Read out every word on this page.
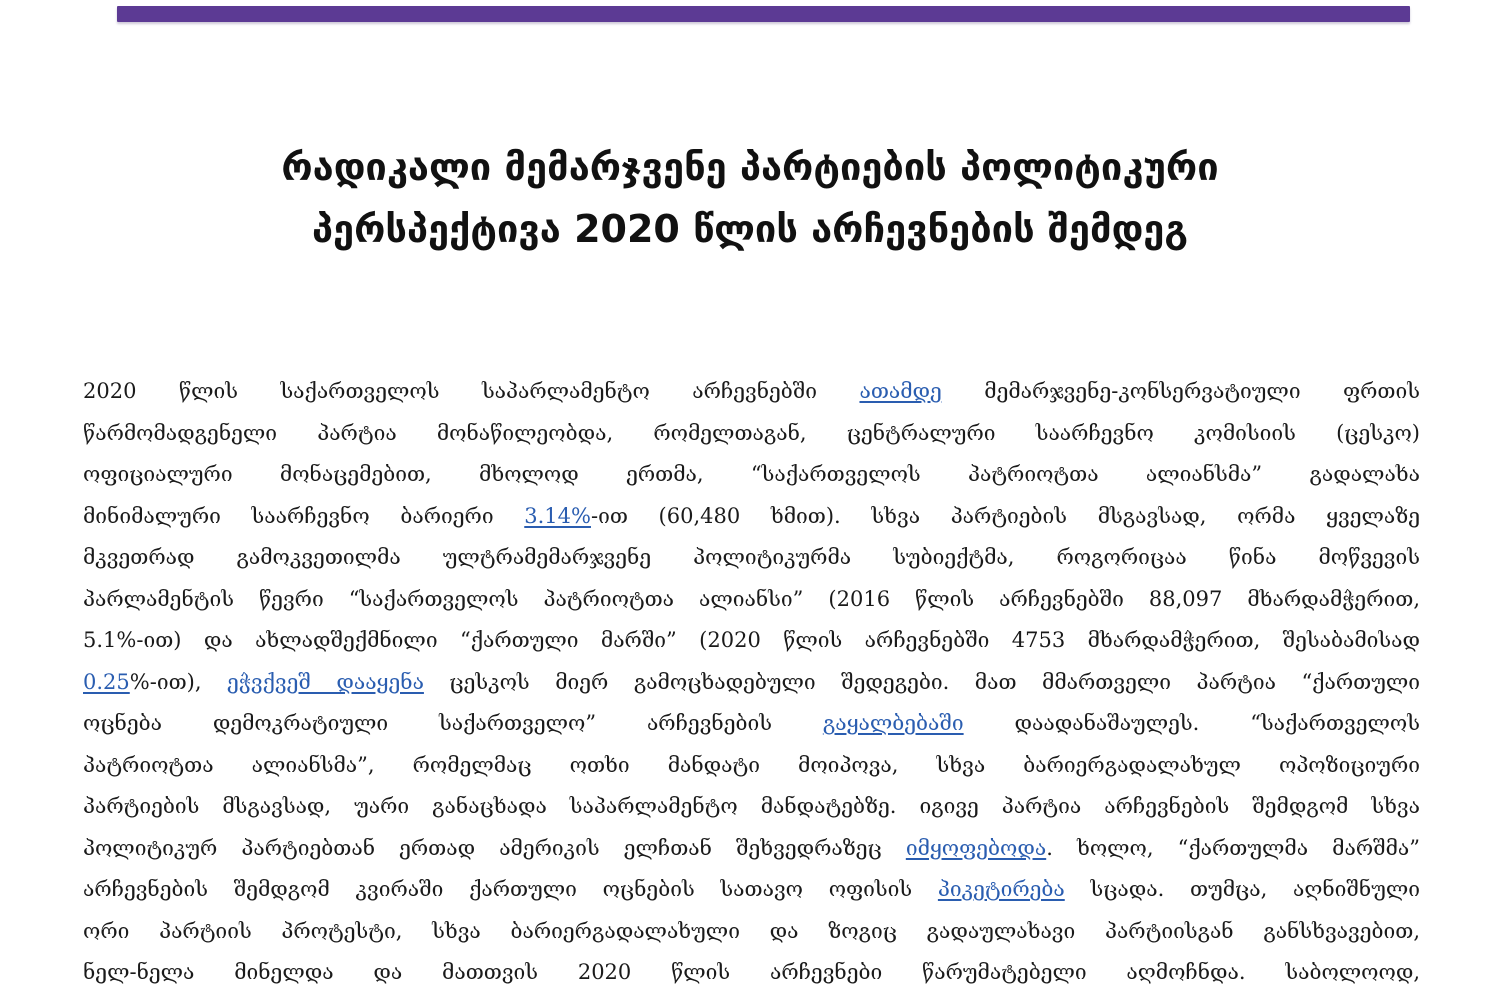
რადიკალი მემარჯვენე პარტიების პოლიტიკური
პერსპექტივა 2020 წლის არჩევნების შემდეგ
2020 წლის საქართველოს საპარლამენტო არჩევნებში ათამდე მემარჯვენე-კონსერვატიული ფრთის
წარმომადგენელი პარტია მონაწილეობდა, რომელთაგან, ცენტრალური საარჩევნო კომისიის (ცესკო)
ოფიციალური მონაცემებით, მხოლოდ ერთმა, “საქართველოს პატრიოტთა ალიანსმა” გადალახა
მინიმალური საარჩევნო ბარიერი 3.14%-ით (60,480 ხმით). სხვა პარტიების მსგავსად, ორმა ყველაზე
მკვეთრად გამოკვეთილმა ულტრამემარჯვენე პოლიტიკურმა სუბიექტმა, როგორიცაა წინა მოწვევის
პარლამენტის წევრი “საქართველოს პატრიოტთა ალიანსი” (2016 წლის არჩევნებში 88,097 მხარდამჭერით,
5.1%-ით) და ახლადშექმნილი “ქართული მარში” (2020 წლის არჩევნებში 4753 მხარდამჭერით, შესაბამისად
0.25%-ით), ეჭვქვეშ დააყენა ცესკოს მიერ გამოცხადებული შედეგები. მათ მმართველი პარტია “ქართული
ოცნება დემოკრატიული საქართველო” არჩევნების გაყალბებაში დაადანაშაულეს. “საქართველოს
პატრიოტთა ალიანსმა”, რომელმაც ოთხი მანდატი მოიპოვა, სხვა ბარიერგადალახულ ოპოზიციური
პარტიების მსგავსად, უარი განაცხადა საპარლამენტო მანდატებზე. იგივე პარტია არჩევნების შემდგომ სხვა
პოლიტიკურ პარტიებთან ერთად ამერიკის ელჩთან შეხვედრაზეც იმყოფებოდა. ხოლო, “ქართულმა მარშმა”
არჩევნების შემდგომ კვირაში ქართული ოცნების სათავო ოფისის პიკეტირება სცადა. თუმცა, აღნიშნული
ორი პარტიის პროტესტი, სხვა ბარიერგადალახული და ზოგიც გადაულახავი პარტიისგან განსხვავებით,
ნელ-ნელა მინელდა და მათთვის 2020 წლის არჩევნები წარუმატებელი აღმოჩნდა. საბოლოოდ,
